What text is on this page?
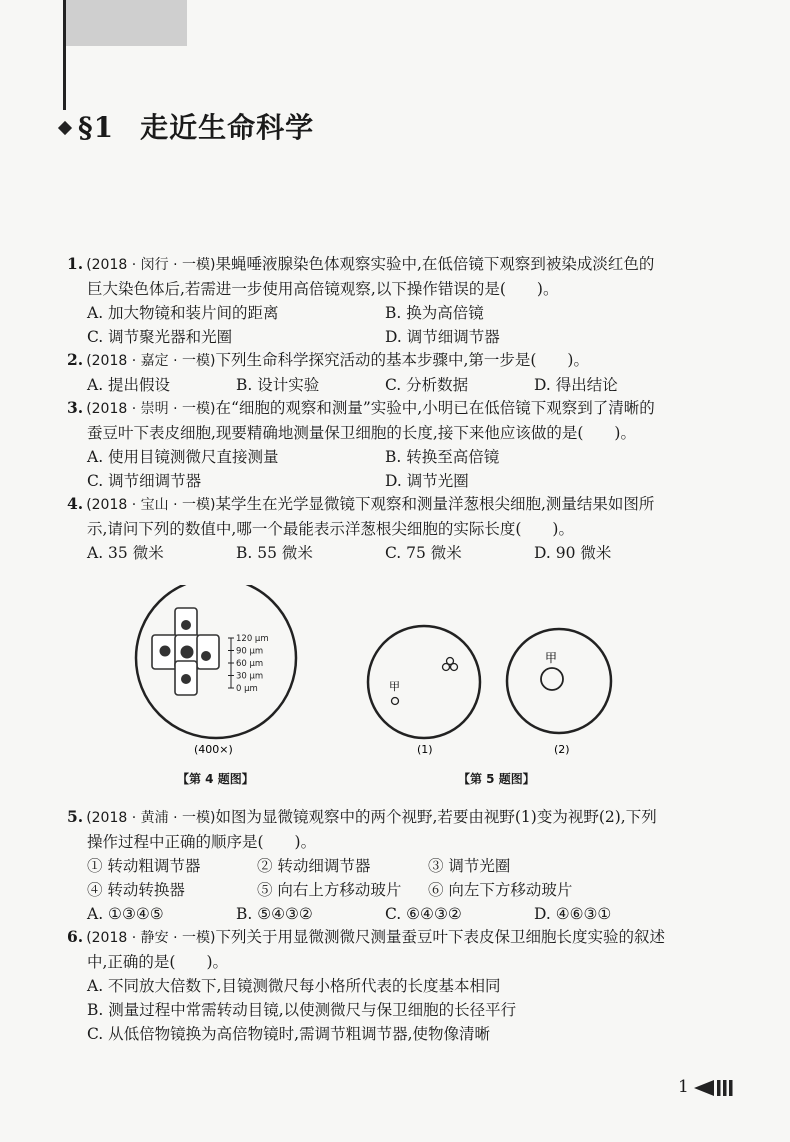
§1 走近生命科学
1. (2018 · 闵行 · 一模)果蝇唾液腺染色体观察实验中,在低倍镜下观察到被染成淡红色的
巨大染色体后,若需进一步使用高倍镜观察,以下操作错误的是(　　)。
A. 加大物镜和装片间的距离	B. 换为高倍镜
C. 调节聚光器和光圈	D. 调节细调节器
2. (2018 · 嘉定 · 一模)下列生命科学探究活动的基本步骤中,第一步是(　　)。
A. 提出假设	B. 设计实验	C. 分析数据	D. 得出结论
3. (2018 · 崇明 · 一模)在“细胞的观察和测量”实验中,小明已在低倍镜下观察到了清晰的
蚕豆叶下表皮细胞,现要精确地测量保卫细胞的长度,接下来他应该做的是(　　)。
A. 使用目镜测微尺直接测量	B. 转换至高倍镜
C. 调节细调节器	D. 调节光圈
4. (2018 · 宝山 · 一模)某学生在光学显微镜下观察和测量洋葱根尖细胞,测量结果如图所
示,请问下列的数值中,哪一个最能表示洋葱根尖细胞的实际长度(　　)。
A. 35 微米	B. 55 微米	C. 75 微米	D. 90 微米
120 μm
90 μm
60 μm
30 μm
0 μm
(400×)
甲
(1)
甲
(2)
【第 4 题图】	【第 5 题图】
5. (2018 · 黄浦 · 一模)如图为显微镜观察中的两个视野,若要由视野(1)变为视野(2),下列
操作过程中正确的顺序是(　　)。
① 转动粗调节器	② 转动细调节器	③ 调节光圈
④ 转动转换器	⑤ 向右上方移动玻片 ⑥ 向左下方移动玻片
A. ①③④⑤	B. ⑤④③②	C. ⑥④③②	D. ④⑥③①
6. (2018 · 静安 · 一模)下列关于用显微测微尺测量蚕豆叶下表皮保卫细胞长度实验的叙述
中,正确的是(　　)。
A. 不同放大倍数下,目镜测微尺每小格所代表的长度基本相同
B. 测量过程中常需转动目镜,以使测微尺与保卫细胞的长径平行
C. 从低倍物镜换为高倍物镜时,需调节粗调节器,使物像清晰
1
